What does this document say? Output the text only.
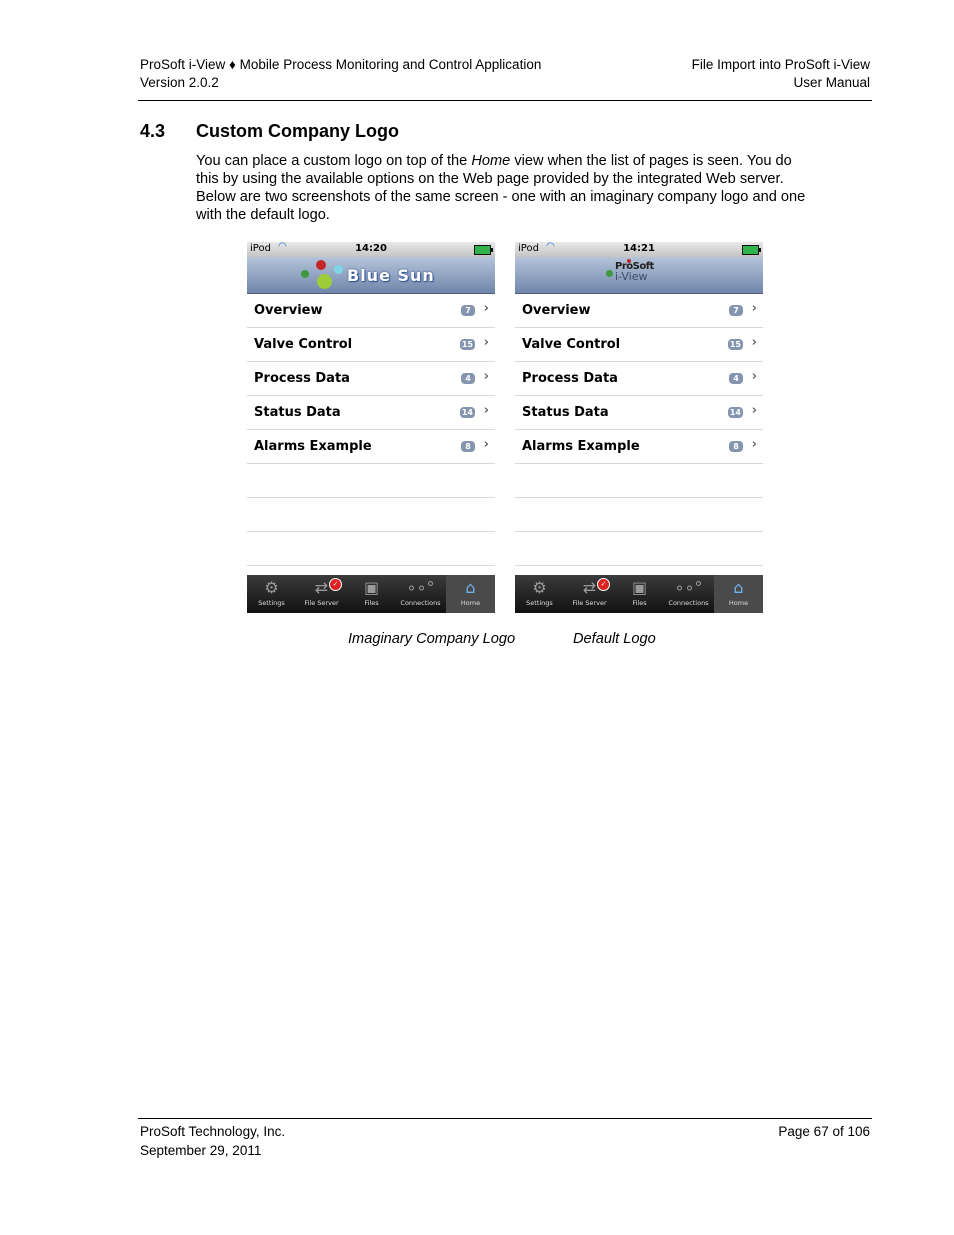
ProSoft i-View ♦ Mobile Process Monitoring and Control Application
Version 2.0.2
File Import into ProSoft i-View
User Manual
4.3 Custom Company Logo
You can place a custom logo on top of the Home view when the list of pages is seen. You do this by using the available options on the Web page provided by the integrated Web server. Below are two screenshots of the same screen - one with an imaginary company logo and one with the default logo.
iPod ◠	14:20
Blue Sun
Overview	7 ›
Valve Control	15 ›
Process Data	4 ›
Status Data	14 ›
Alarms Example	8 ›
⚙
Settings
⇄ ✓
File Server
▣
Files
∘∘°
Connections
⌂
Home
iPod ◠	14:21
ProSoft
i-View
Overview	7 ›
Valve Control	15 ›
Process Data	4 ›
Status Data	14 ›
Alarms Example	8 ›
⚙
Settings
⇄ ✓
File Server
▣
Files
∘∘°
Connections
⌂
Home
Imaginary Company Logo	Default Logo
ProSoft Technology, Inc.
September 29, 2011
Page 67 of 106
